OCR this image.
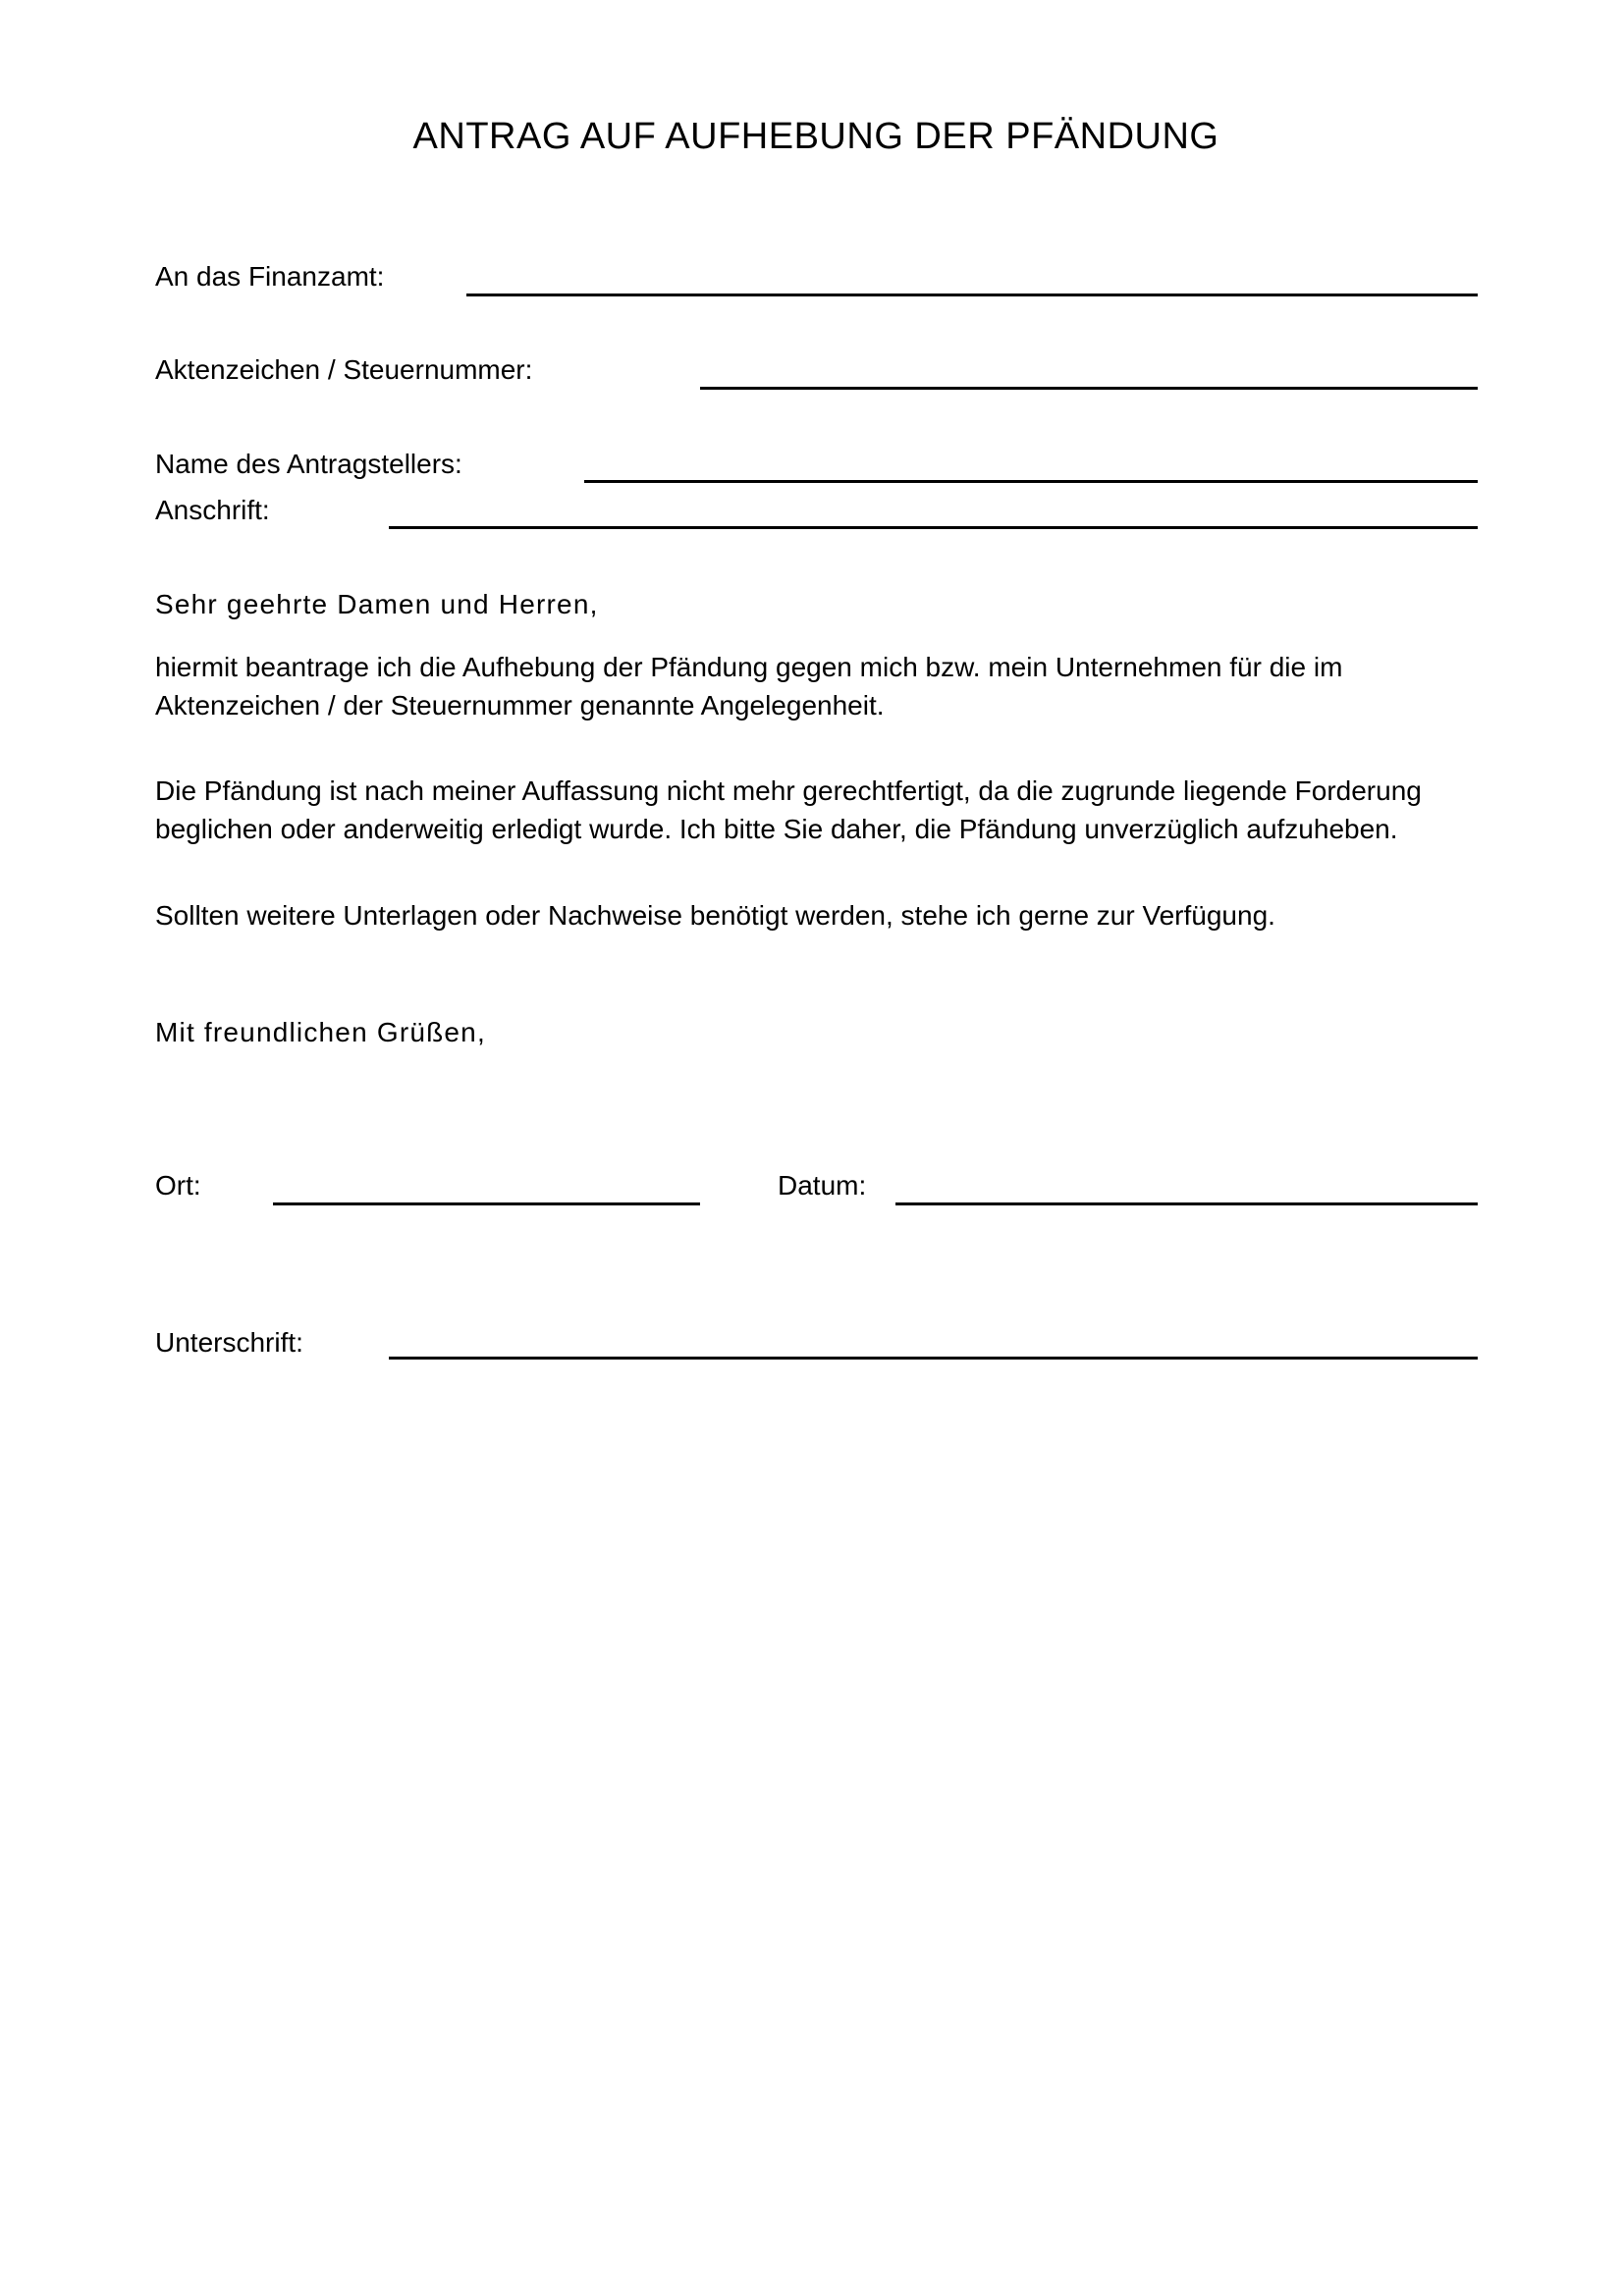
ANTRAG AUF AUFHEBUNG DER PFÄNDUNG
An das Finanzamt:
Aktenzeichen / Steuernummer:
Name des Antragstellers:
Anschrift:

Sehr geehrte Damen und Herren,

hiermit beantrage ich die Aufhebung der Pfändung gegen mich bzw. mein Unternehmen für die im Aktenzeichen / der Steuernummer genannte Angelegenheit.

Die Pfändung ist nach meiner Auffassung nicht mehr gerechtfertigt, da die zugrunde liegende Forderung beglichen oder anderweitig erledigt wurde. Ich bitte Sie daher, die Pfändung unverzüglich aufzuheben.

Sollten weitere Unterlagen oder Nachweise benötigt werden, stehe ich gerne zur Verfügung.

Mit freundlichen Grüßen,

Ort:	Datum:
Unterschrift:
